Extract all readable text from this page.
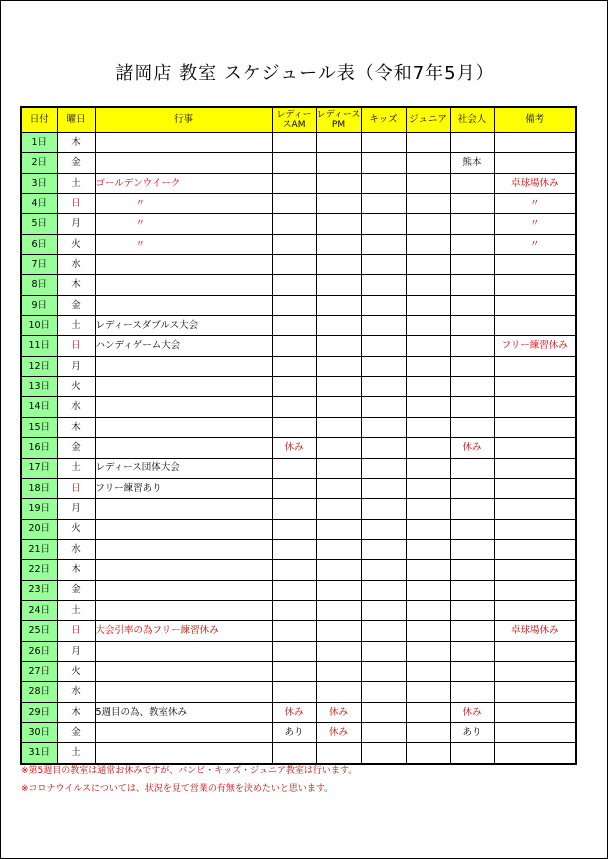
諸岡店 教室 スケジュール表（令和7年5月）
日付	曜日	行事	レディースAM	レディースPM	キッズ	ジュニア	社会人	備考
1日	木							
2日	金						熊本	
3日	土	ゴールデンウイーク						卓球場休み
4日	日	〃						〃
5日	月	〃						〃
6日	火	〃						〃
7日	水							
8日	木							
9日	金							
10日	土	レディースダブルス大会						
11日	日	ハンディゲーム大会						フリー練習休み
12日	月							
13日	火							
14日	水							
15日	木							
16日	金		休み				休み	
17日	土	レディース団体大会						
18日	日	フリー練習あり						
19日	月							
20日	火							
21日	水							
22日	木							
23日	金							
24日	土							
25日	日	大会引率の為フリー練習休み						卓球場休み
26日	月							
27日	火							
28日	水							
29日	木	5週目の為、教室休み	休み	休み			休み	
30日	金		あり	休み			あり	
31日	土							
※第5週目の教室は通常お休みですが、バンビ・キッズ・ジュニア教室は行います。
※コロナウイルスについては、状況を見て営業の有無を決めたいと思います。
